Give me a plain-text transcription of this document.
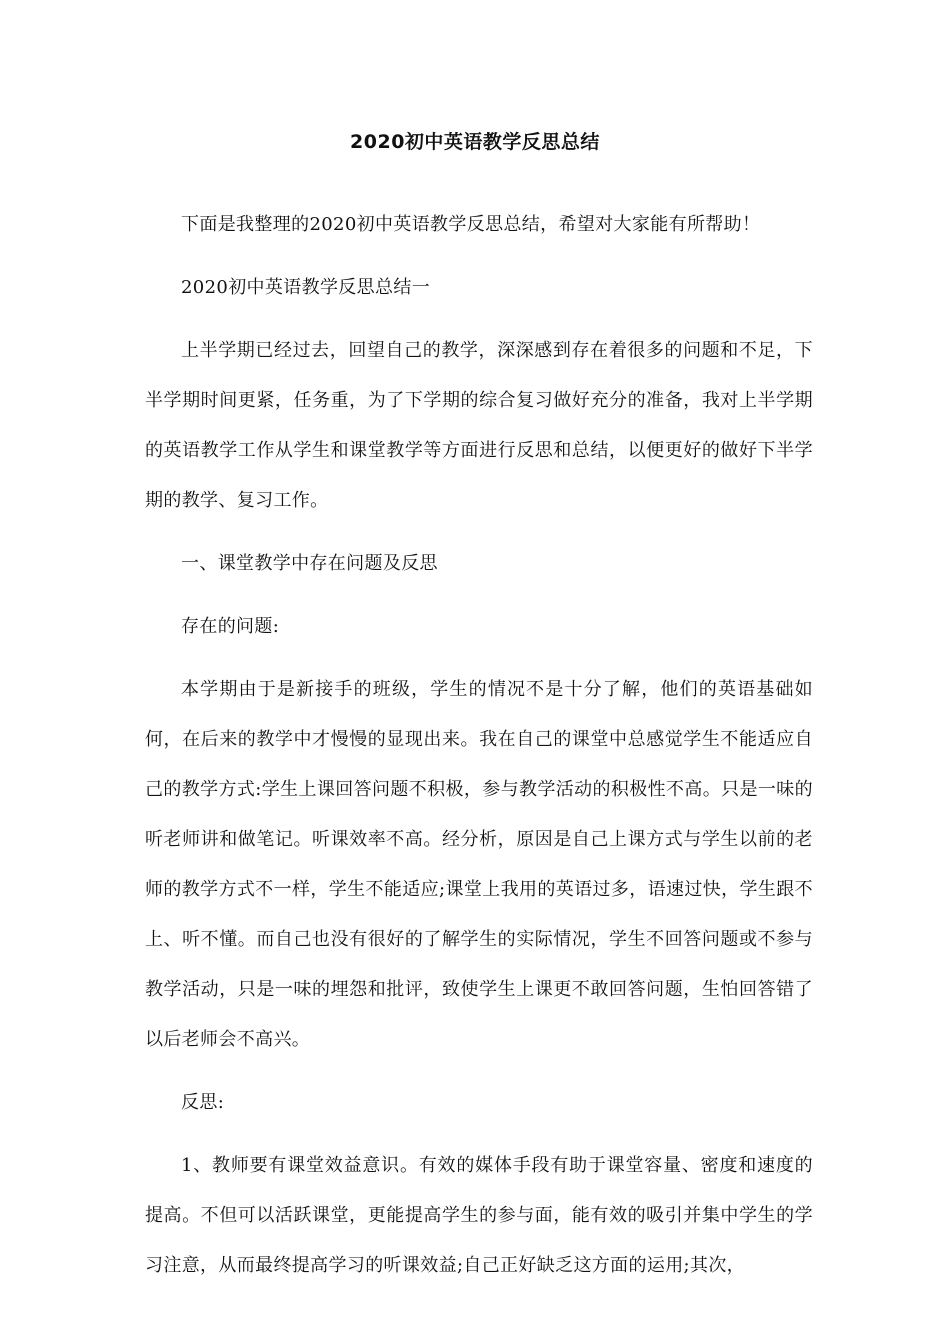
2020初中英语教学反思总结

下面是我整理的2020初中英语教学反思总结，希望对大家能有所帮助！

2020初中英语教学反思总结一

上半学期已经过去，回望自己的教学，深深感到存在着很多的问题和不足，下半学期时间更紧，任务重，为了下学期的综合复习做好充分的准备，我对上半学期的英语教学工作从学生和课堂教学等方面进行反思和总结，以便更好的做好下半学期的教学、复习工作。

一、课堂教学中存在问题及反思

存在的问题:

本学期由于是新接手的班级，学生的情况不是十分了解，他们的英语基础如何，在后来的教学中才慢慢的显现出来。我在自己的课堂中总感觉学生不能适应自己的教学方式:学生上课回答问题不积极，参与教学活动的积极性不高。只是一味的听老师讲和做笔记。听课效率不高。经分析，原因是自己上课方式与学生以前的老师的教学方式不一样，学生不能适应;课堂上我用的英语过多，语速过快，学生跟不上、听不懂。而自己也没有很好的了解学生的实际情况，学生不回答问题或不参与教学活动，只是一味的埋怨和批评，致使学生上课更不敢回答问题，生怕回答错了以后老师会不高兴。

反思:

1、教师要有课堂效益意识。有效的媒体手段有助于课堂容量、密度和速度的提高。不但可以活跃课堂，更能提高学生的参与面，能有效的吸引并集中学生的学习注意，从而最终提高学习的听课效益;自己正好缺乏这方面的运用;其次，
